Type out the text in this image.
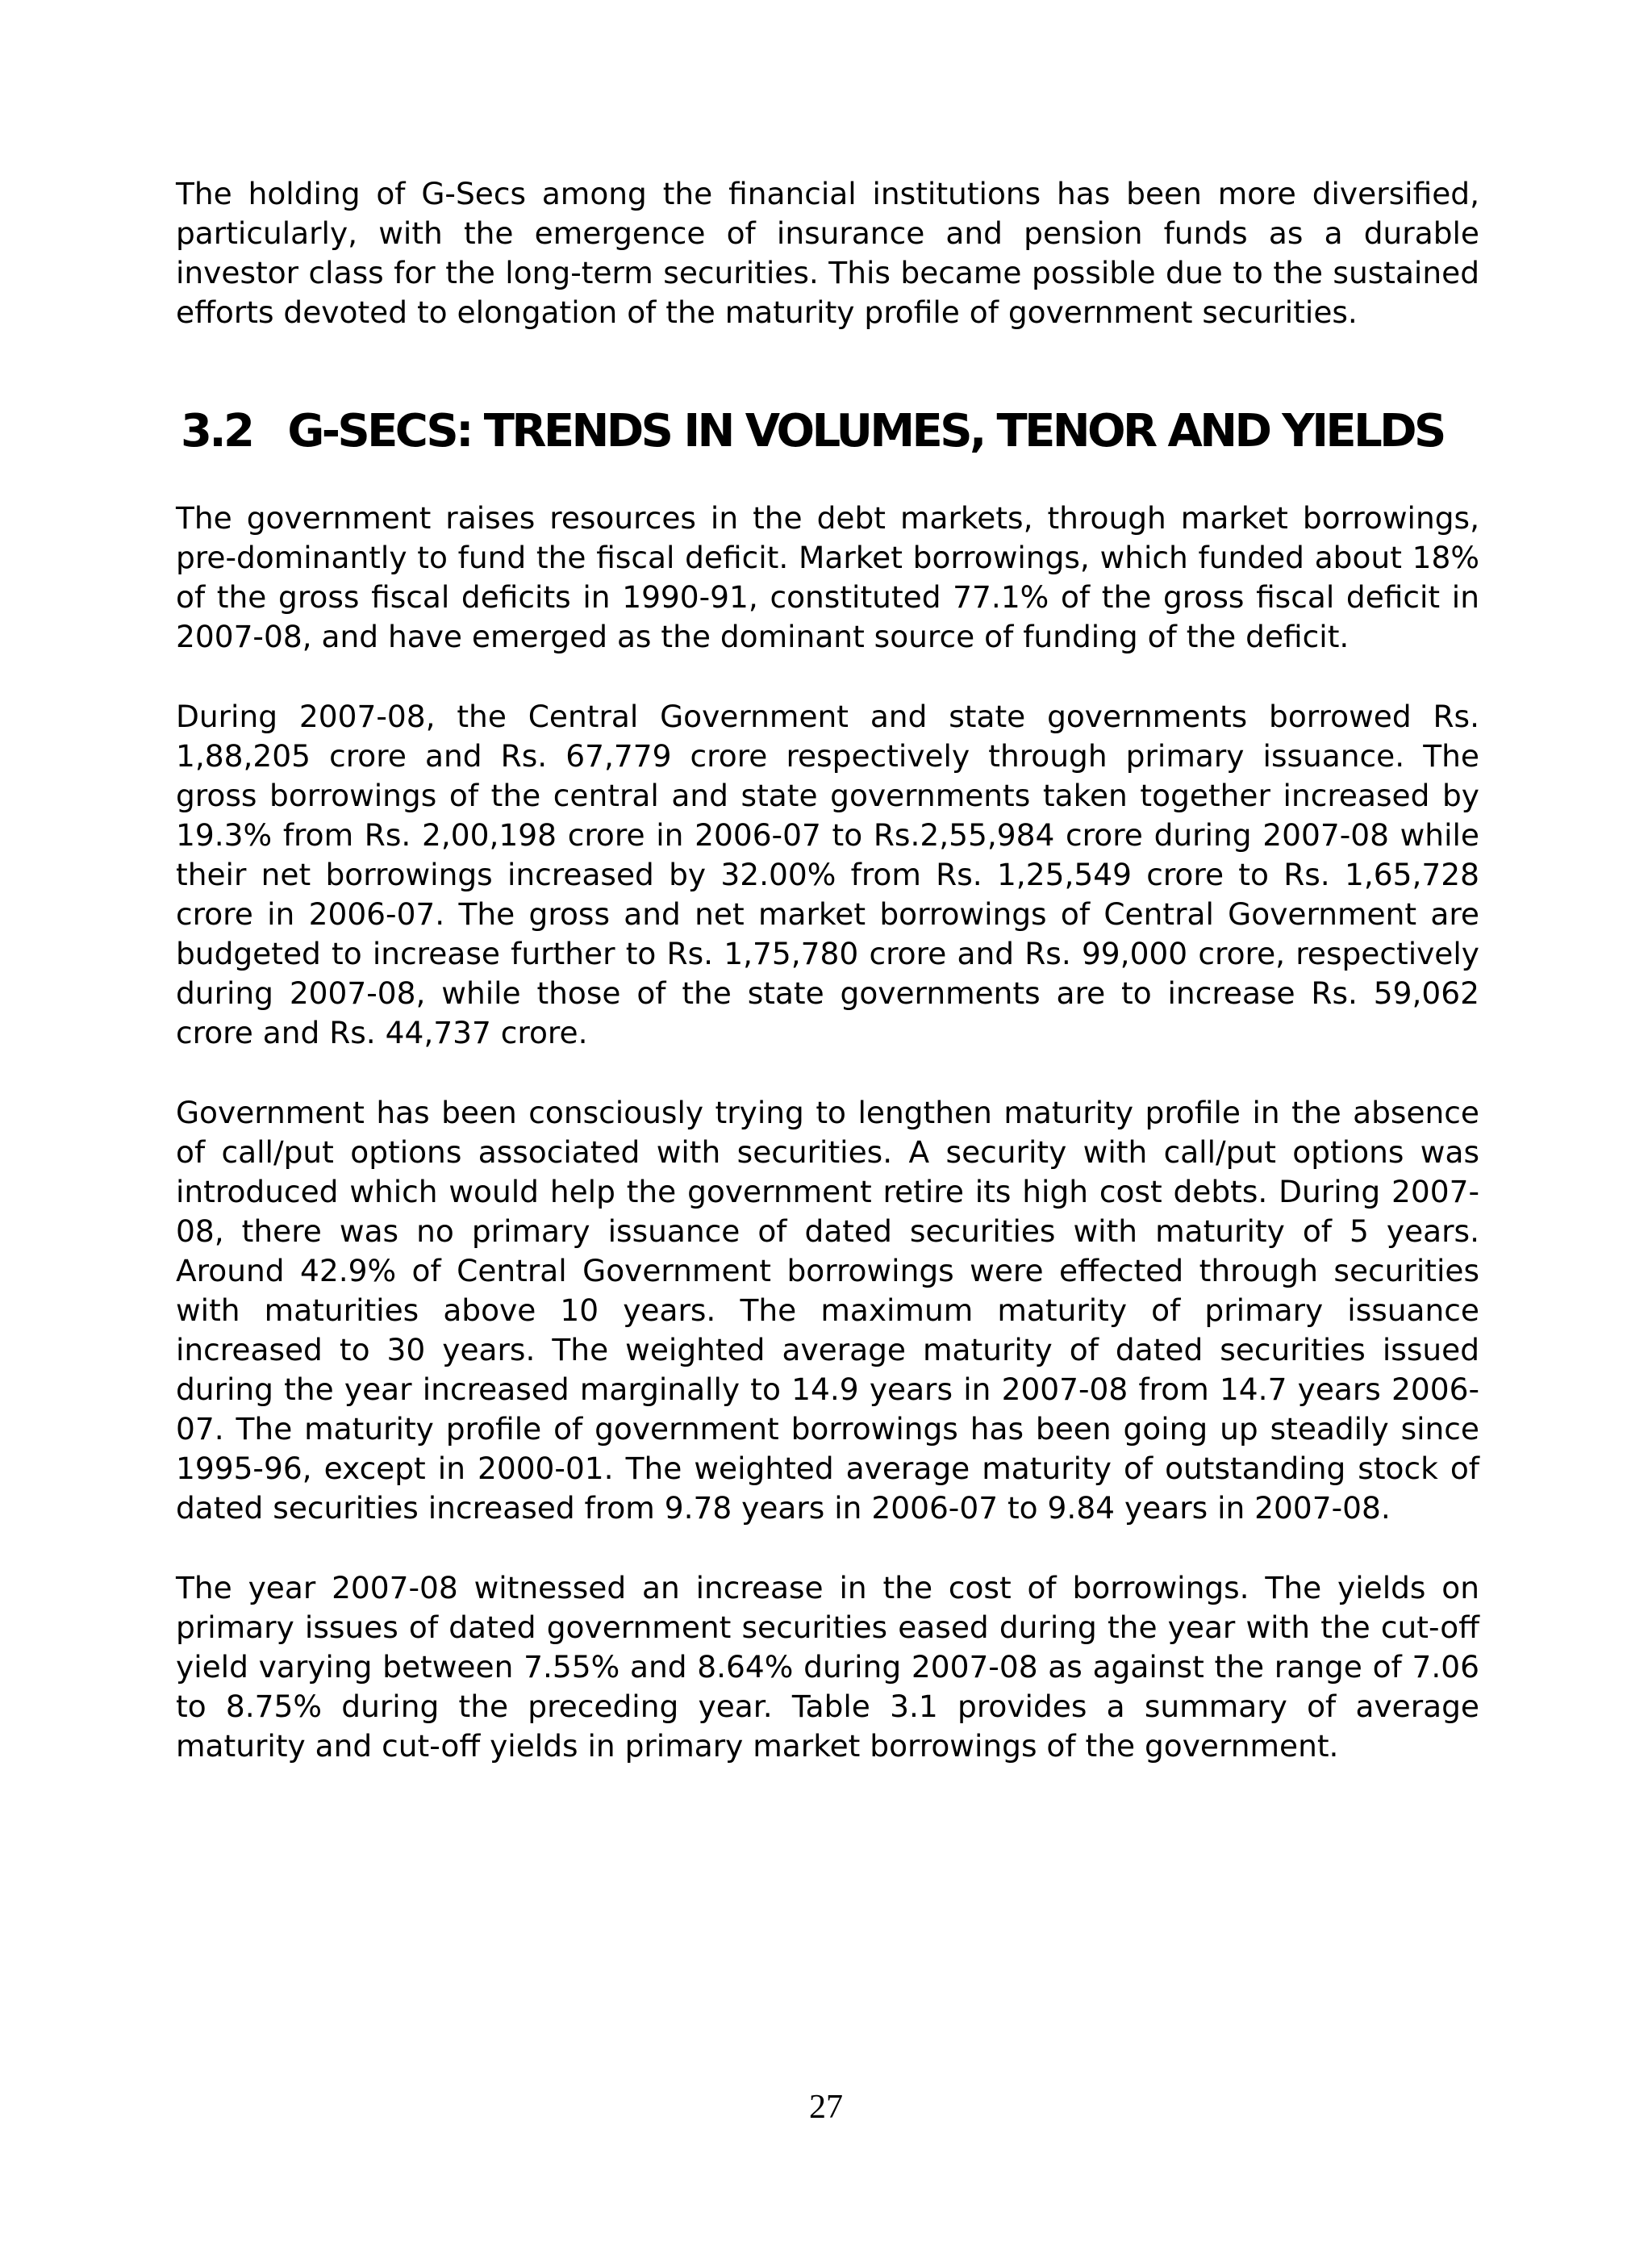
The holding of G-Secs among the financial institutions has been more diversified, particularly, with the emergence of insurance and pension funds as a durable investor class for the long-term securities. This became possible due to the sustained efforts devoted to elongation of the maturity profile of government securities.

3.2 G-SECS: TRENDS IN VOLUMES, TENOR AND YIELDS

The government raises resources in the debt markets, through market borrowings, pre-dominantly to fund the fiscal deficit. Market borrowings, which funded about 18% of the gross fiscal deficits in 1990-91, constituted 77.1% of the gross fiscal deficit in 2007-08, and have emerged as the dominant source of funding of the deficit.

During 2007-08, the Central Government and state governments borrowed Rs. 1,88,205 crore and Rs. 67,779 crore respectively through primary issuance. The gross borrowings of the central and state governments taken together increased by 19.3% from Rs. 2,00,198 crore in 2006-07 to Rs.2,55,984 crore during 2007-08 while their net borrowings increased by 32.00% from Rs. 1,25,549 crore to Rs. 1,65,728 crore in 2006-07. The gross and net market borrowings of Central Government are budgeted to increase further to Rs. 1,75,780 crore and Rs. 99,000 crore, respectively during 2007-08, while those of the state governments are to increase Rs. 59,062 crore and Rs. 44,737 crore.

Government has been consciously trying to lengthen maturity profile in the absence of call/put options associated with securities. A security with call/put options was introduced which would help the government retire its high cost debts. During 2007-08, there was no primary issuance of dated securities with maturity of 5 years. Around 42.9% of Central Government borrowings were effected through securities with maturities above 10 years. The maximum maturity of primary issuance increased to 30 years. The weighted average maturity of dated securities issued during the year increased marginally to 14.9 years in 2007-08 from 14.7 years 2006-07. The maturity profile of government borrowings has been going up steadily since 1995-96, except in 2000-01. The weighted average maturity of outstanding stock of dated securities increased from 9.78 years in 2006-07 to 9.84 years in 2007-08.

The year 2007-08 witnessed an increase in the cost of borrowings. The yields on primary issues of dated government securities eased during the year with the cut-off yield varying between 7.55% and 8.64% during 2007-08 as against the range of 7.06 to 8.75% during the preceding year. Table 3.1 provides a summary of average maturity and cut-off yields in primary market borrowings of the government.

27
